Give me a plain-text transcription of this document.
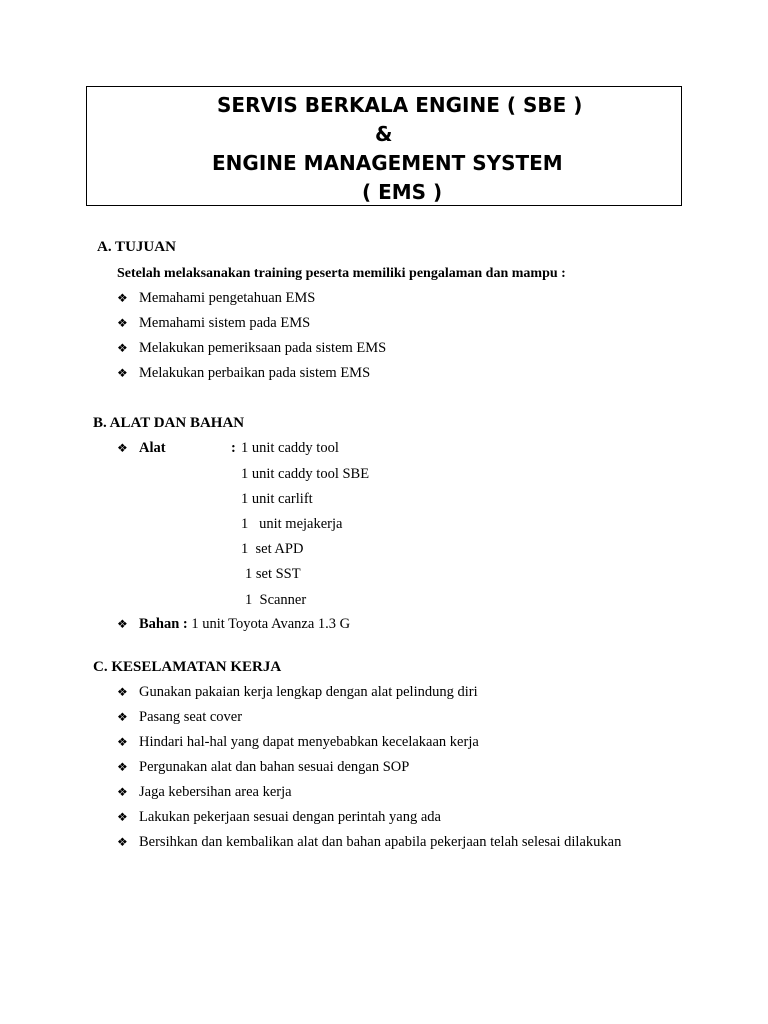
SERVIS BERKALA ENGINE ( SBE )
&
ENGINE MANAGEMENT SYSTEM
( EMS )
A. TUJUAN
Setelah melaksanakan training peserta memiliki pengalaman dan mampu :
❖ Memahami pengetahuan EMS
❖ Memahami sistem pada EMS
❖ Melakukan pemeriksaan pada sistem EMS
❖ Melakukan perbaikan pada sistem EMS
B. ALAT DAN BAHAN
❖ Alat	: 1 unit caddy tool
1 unit caddy tool SBE
1 unit carlift
1   unit mejakerja
1  set APD
1 set SST
1  Scanner
❖ Bahan : 1 unit Toyota Avanza 1.3 G
C. KESELAMATAN KERJA
❖ Gunakan pakaian kerja lengkap dengan alat pelindung diri
❖ Pasang seat cover
❖ Hindari hal-hal yang dapat menyebabkan kecelakaan kerja
❖ Pergunakan alat dan bahan sesuai dengan SOP
❖ Jaga kebersihan area kerja
❖ Lakukan pekerjaan sesuai dengan perintah yang ada
❖ Bersihkan dan kembalikan alat dan bahan apabila pekerjaan telah selesai dilakukan
